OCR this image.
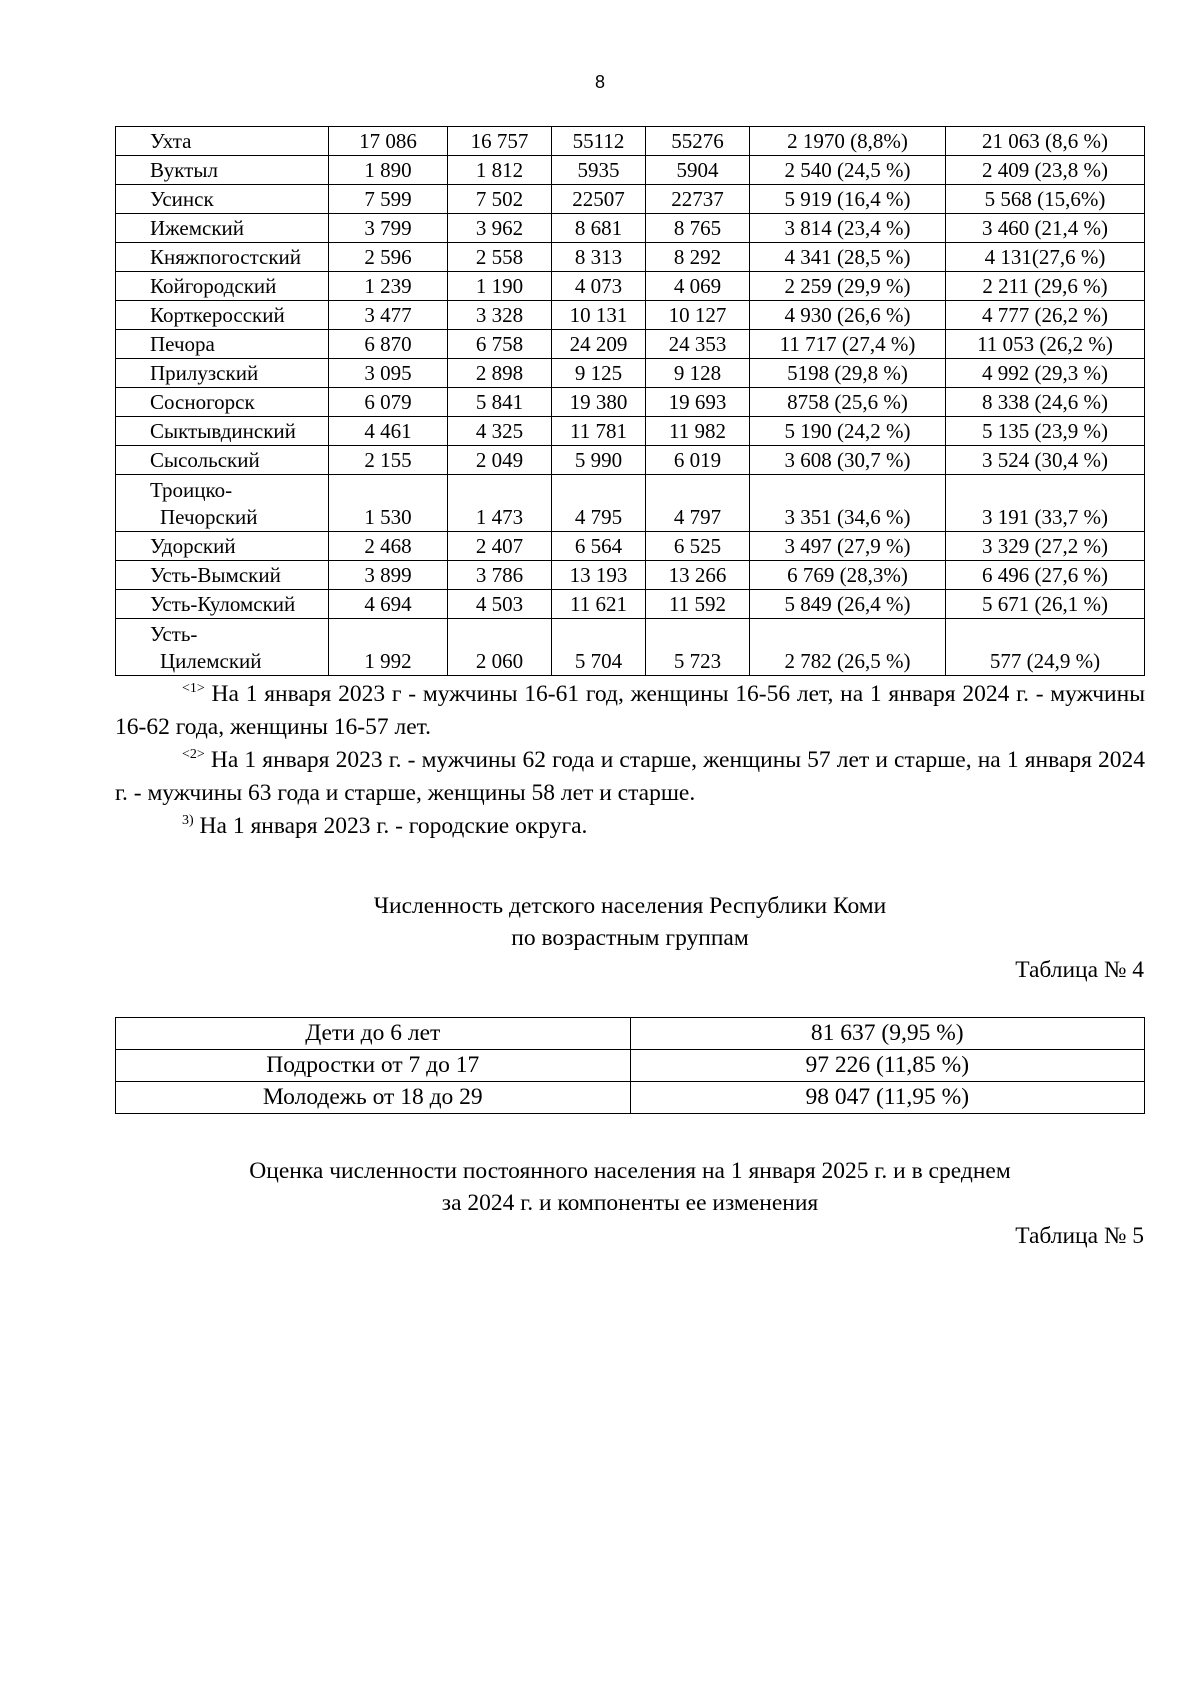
8
Ухта	17 086	16 757	55112	55276	2 1970 (8,8%)	21 063 (8,6 %)

Вуктыл	1 890	1 812	5935	5904	2 540 (24,5 %)	2 409 (23,8 %)

Усинск	7 599	7 502	22507	22737	5 919 (16,4 %)	5 568 (15,6%)

Ижемский	3 799	3 962	8 681	8 765	3 814 (23,4 %)	3 460 (21,4 %)

Княжпогостский	2 596	2 558	8 313	8 292	4 341 (28,5 %)	4 131(27,6 %)

Койгородский	1 239	1 190	4 073	4 069	2 259 (29,9 %)	2 211 (29,6 %)

Корткеросский	3 477	3 328	10 131	10 127	4 930 (26,6 %)	4 777 (26,2 %)

Печора	6 870	6 758	24 209	24 353	11 717 (27,4 %)	11 053 (26,2 %)

Прилузский	3 095	2 898	9 125	9 128	5198 (29,8 %)	4 992 (29,3 %)

Сосногорск	6 079	5 841	19 380	19 693	8758 (25,6 %)	8 338 (24,6 %)

Сыктывдинский	4 461	4 325	11 781	11 982	5 190 (24,2 %)	5 135 (23,9 %)

Сысольский	2 155	2 049	5 990	6 019	3 608 (30,7 %)	3 524 (30,4 %)

Троицко-
Печорский	1 530	1 473	4 795	4 797	3 351 (34,6 %)	3 191 (33,7 %)

Удорский	2 468	2 407	6 564	6 525	3 497 (27,9 %)	3 329 (27,2 %)

Усть-Вымский	3 899	3 786	13 193	13 266	6 769 (28,3%)	6 496 (27,6 %)

Усть-Куломский	4 694	4 503	11 621	11 592	5 849 (26,4 %)	5 671 (26,1 %)

Усть-
Цилемский	1 992	2 060	5 704	5 723	2 782 (26,5 %)	577 (24,9 %)

$^{<1>}$ На 1 января 2023 г - мужчины 16-61 год, женщины 16-56 лет, на 1 января 2024 г. - мужчины 16-62 года, женщины 16-57 лет.

$^{<2>}$ На 1 января 2023 г. - мужчины 62 года и старше, женщины 57 лет и старше, на 1 января 2024 г. - мужчины 63 года и старше, женщины 58 лет и старше.

$^{3)}$ На 1 января 2023 г. - городские округа.

Численность детского населения Республики Коми
по возрастным группам
Таблица № 4
Дети до 6 лет	81 637 (9,95 %)
Подростки от 7 до 17	97 226 (11,85 %)
Молодежь от 18 до 29	98 047 (11,95 %)
Оценка численности постоянного населения на 1 января 2025 г. и в среднем
за 2024 г. и компоненты ее изменения
Таблица № 5
